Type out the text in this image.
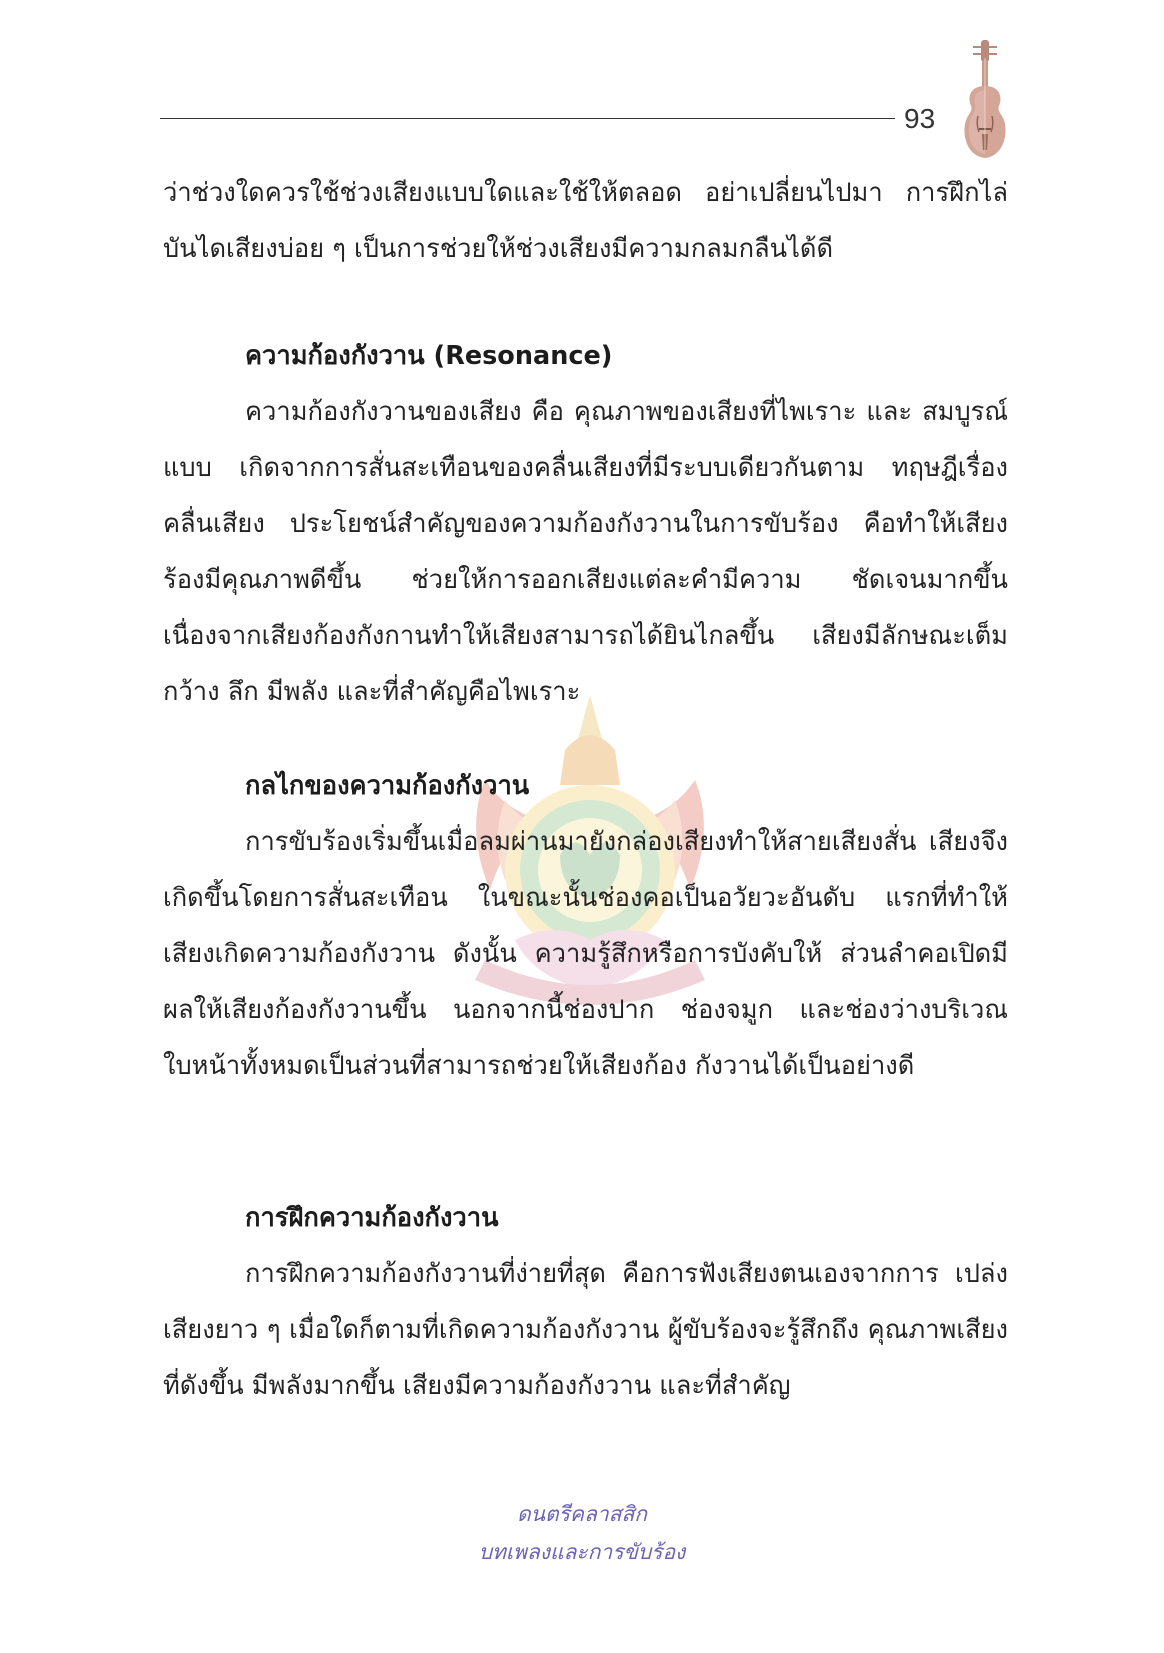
93

ว่าช่วงใดควรใช้ช่วงเสียงแบบใดและใช้ให้ตลอด อย่าเปลี่ยนไปมา การฝึกไล่บันไดเสียงบ่อย ๆ เป็นการช่วยให้ช่วงเสียงมีความกลมกลืนได้ดี

ความก้องกังวาน (Resonance)

ความก้องกังวานของเสียง คือ คุณภาพของเสียงที่ไพเราะ และ สมบูรณ์แบบ เกิดจากการสั่นสะเทือนของคลื่นเสียงที่มีระบบเดียวกันตาม ทฤษฎีเรื่องคลื่นเสียง ประโยชน์สำคัญของความก้องกังวานในการขับร้อง คือทำให้เสียงร้องมีคุณภาพดีขึ้น ช่วยให้การออกเสียงแต่ละคำมีความ ชัดเจนมากขึ้น เนื่องจากเสียงก้องกังกานทำให้เสียงสามารถได้ยินไกลขึ้น เสียงมีลักษณะเต็มกว้าง ลึก มีพลัง และที่สำคัญคือไพเราะ

กลไกของความก้องกังวาน

การขับร้องเริ่มขึ้นเมื่อลมผ่านมายังกล่องเสียงทำให้สายเสียงสั่น เสียงจึงเกิดขึ้นโดยการสั่นสะเทือน ในขณะนั้นช่องคอเป็นอวัยวะอันดับ แรกที่ทำให้เสียงเกิดความก้องกังวาน ดังนั้น ความรู้สึกหรือการบังคับให้ ส่วนลำคอเปิดมีผลให้เสียงก้องกังวานขึ้น นอกจากนี้ช่องปาก ช่องจมูก และช่องว่างบริเวณใบหน้าทั้งหมดเป็นส่วนที่สามารถช่วยให้เสียงก้อง กังวานได้เป็นอย่างดี

การฝึกความก้องกังวาน

การฝึกความก้องกังวานที่ง่ายที่สุด คือการฟังเสียงตนเองจากการ เปล่งเสียงยาว ๆ เมื่อใดก็ตามที่เกิดความก้องกังวาน ผู้ขับร้องจะรู้สึกถึง คุณภาพเสียงที่ดังขึ้น มีพลังมากขึ้น เสียงมีความก้องกังวาน และที่สำคัญ

ดนตรีคลาสสิก
บทเพลงและการขับร้อง
